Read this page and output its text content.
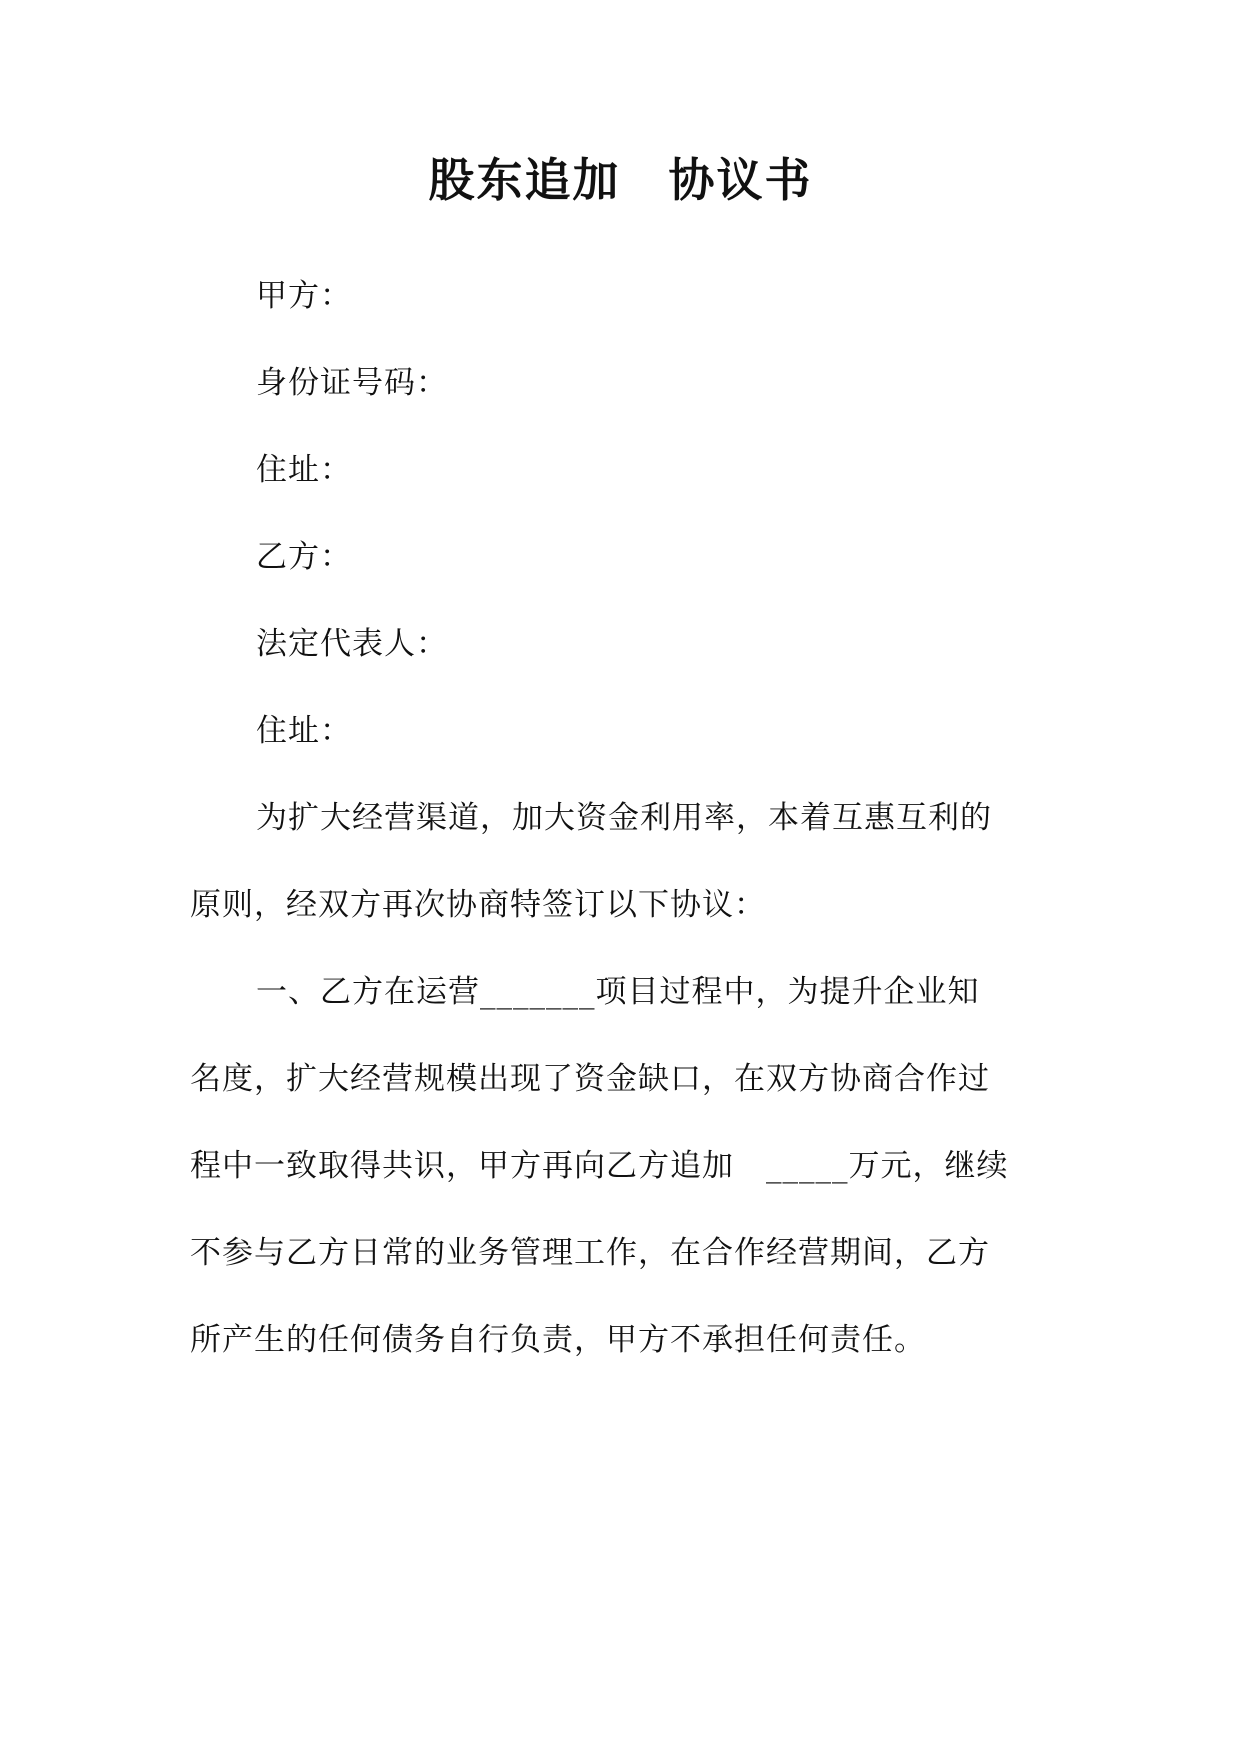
股东追加　协议书
甲方：
身份证号码：
住址：
乙方：
法定代表人：
住址：
为扩大经营渠道，加大资金利用率，本着互惠互利的
原则，经双方再次协商特签订以下协议：
一、乙方在运营_______项目过程中，为提升企业知
名度，扩大经营规模出现了资金缺口，在双方协商合作过
程中一致取得共识，甲方再向乙方追加　_____万元，继续
不参与乙方日常的业务管理工作，在合作经营期间，乙方
所产生的任何债务自行负责，甲方不承担任何责任。
